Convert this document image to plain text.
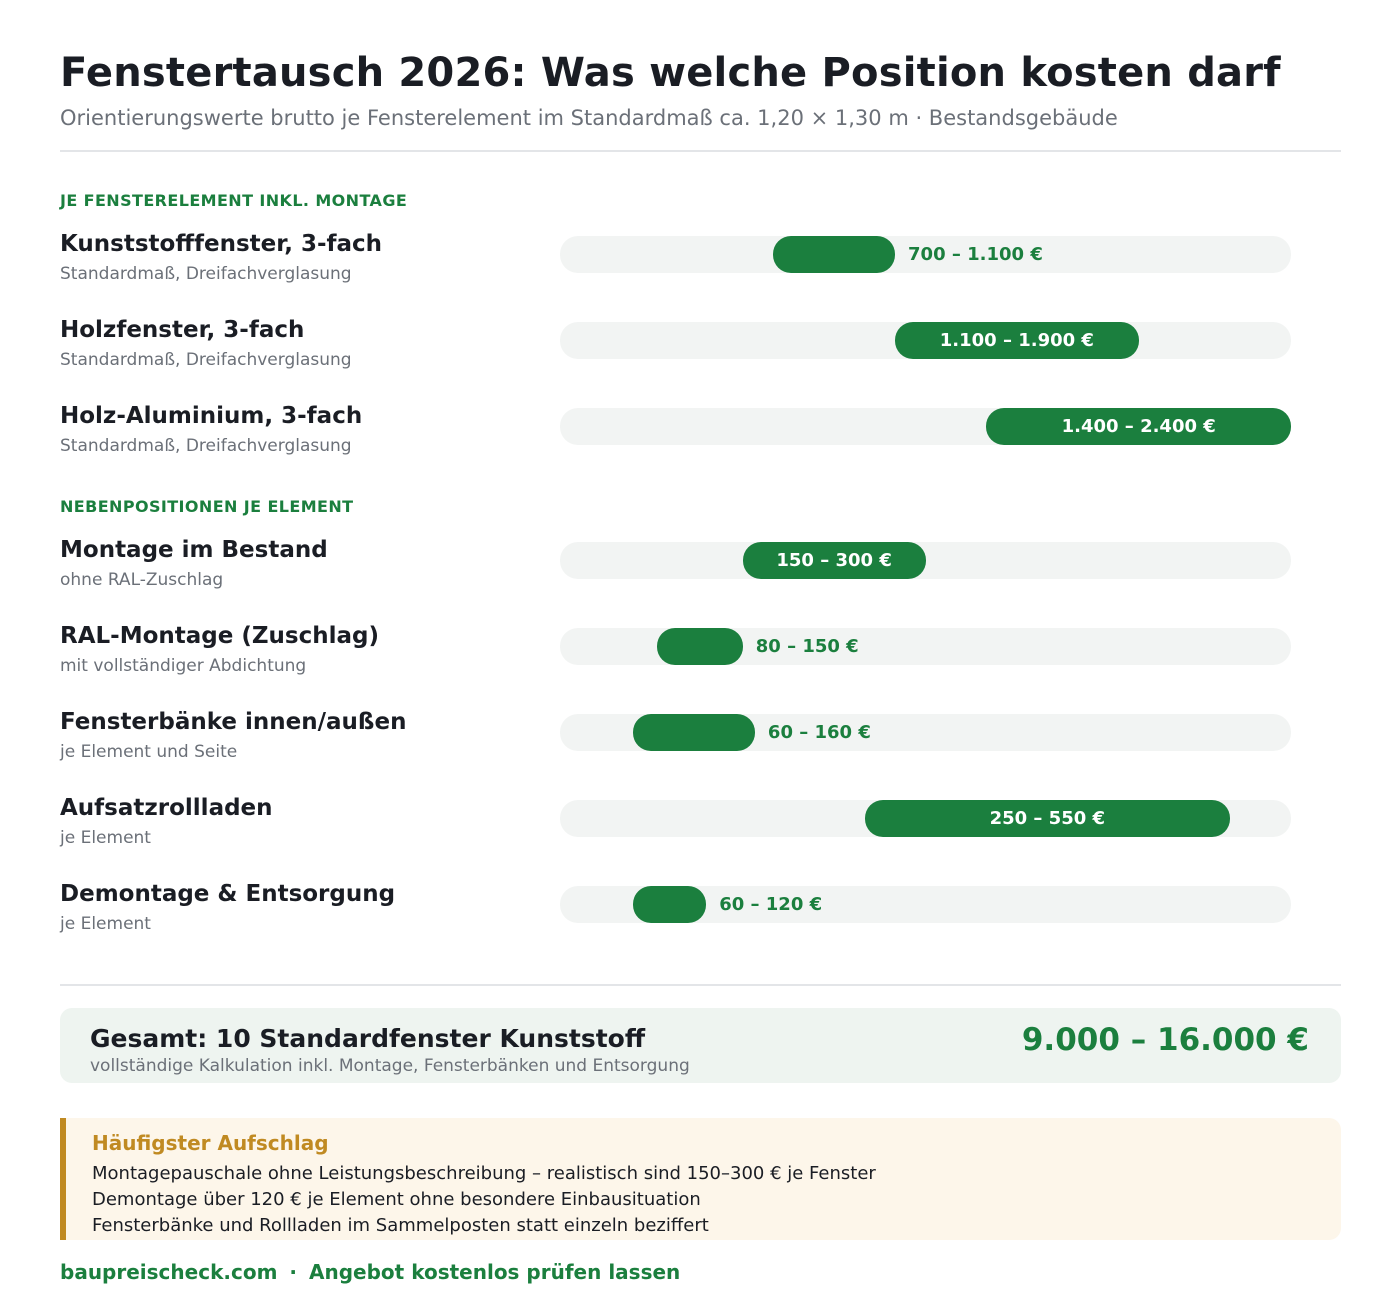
Fenstertausch 2026: Was welche Position kosten darf
Orientierungswerte brutto je Fensterelement im Standardmaß ca. 1,20 × 1,30 m · Bestandsgebäude
JE FENSTERELEMENT INKL. MONTAGE
NEBENPOSITIONEN JE ELEMENT
Kunststofffenster, 3-fach
Standardmaß, Dreifachverglasung
700 – 1.100 €
Holzfenster, 3-fach
Standardmaß, Dreifachverglasung
1.100 – 1.900 €
Holz-Aluminium, 3-fach
Standardmaß, Dreifachverglasung
1.400 – 2.400 €
Montage im Bestand
ohne RAL-Zuschlag
150 – 300 €
RAL-Montage (Zuschlag)
mit vollständiger Abdichtung
80 – 150 €
Fensterbänke innen/außen
je Element und Seite
60 – 160 €
Aufsatzrollladen
je Element
250 – 550 €
Demontage & Entsorgung
je Element
60 – 120 €
Gesamt: 10 Standardfenster Kunststoff
vollständige Kalkulation inkl. Montage, Fensterbänken und Entsorgung
9.000 – 16.000 €
Häufigster Aufschlag
Montagepauschale ohne Leistungsbeschreibung – realistisch sind 150–300 € je Fenster
Demontage über 120 € je Element ohne besondere Einbausituation
Fensterbänke und Rollladen im Sammelposten statt einzeln beziffert
baupreischeck.com · Angebot kostenlos prüfen lassen
